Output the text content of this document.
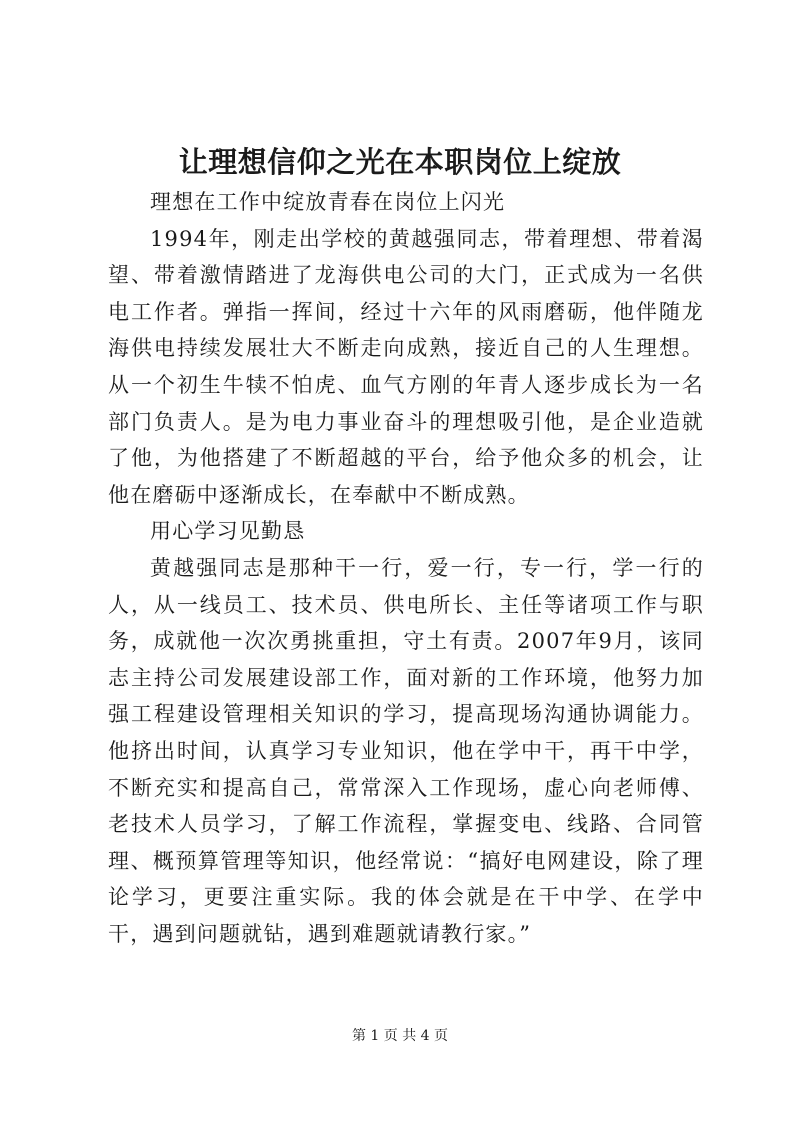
让理想信仰之光在本职岗位上绽放

理想在工作中绽放青春在岗位上闪光

1994年，刚走出学校的黄越强同志，带着理想、带着渴望、带着激情踏进了龙海供电公司的大门，正式成为一名供电工作者。弹指一挥间，经过十六年的风雨磨砺，他伴随龙海供电持续发展壮大不断走向成熟，接近自己的人生理想。从一个初生牛犊不怕虎、血气方刚的年青人逐步成长为一名部门负责人。是为电力事业奋斗的理想吸引他，是企业造就了他，为他搭建了不断超越的平台，给予他众多的机会，让他在磨砺中逐渐成长，在奉献中不断成熟。

用心学习见勤恳

黄越强同志是那种干一行，爱一行，专一行，学一行的人，从一线员工、技术员、供电所长、主任等诸项工作与职务，成就他一次次勇挑重担，守土有责。2007年9月，该同志主持公司发展建设部工作，面对新的工作环境，他努力加强工程建设管理相关知识的学习，提高现场沟通协调能力。他挤出时间，认真学习专业知识，他在学中干，再干中学，不断充实和提高自己，常常深入工作现场，虚心向老师傅、老技术人员学习，了解工作流程，掌握变电、线路、合同管理、概预算管理等知识，他经常说：“搞好电网建设，除了理论学习，更要注重实际。我的体会就是在干中学、在学中干，遇到问题就钻，遇到难题就请教行家。”

第 1 页 共 4 页
